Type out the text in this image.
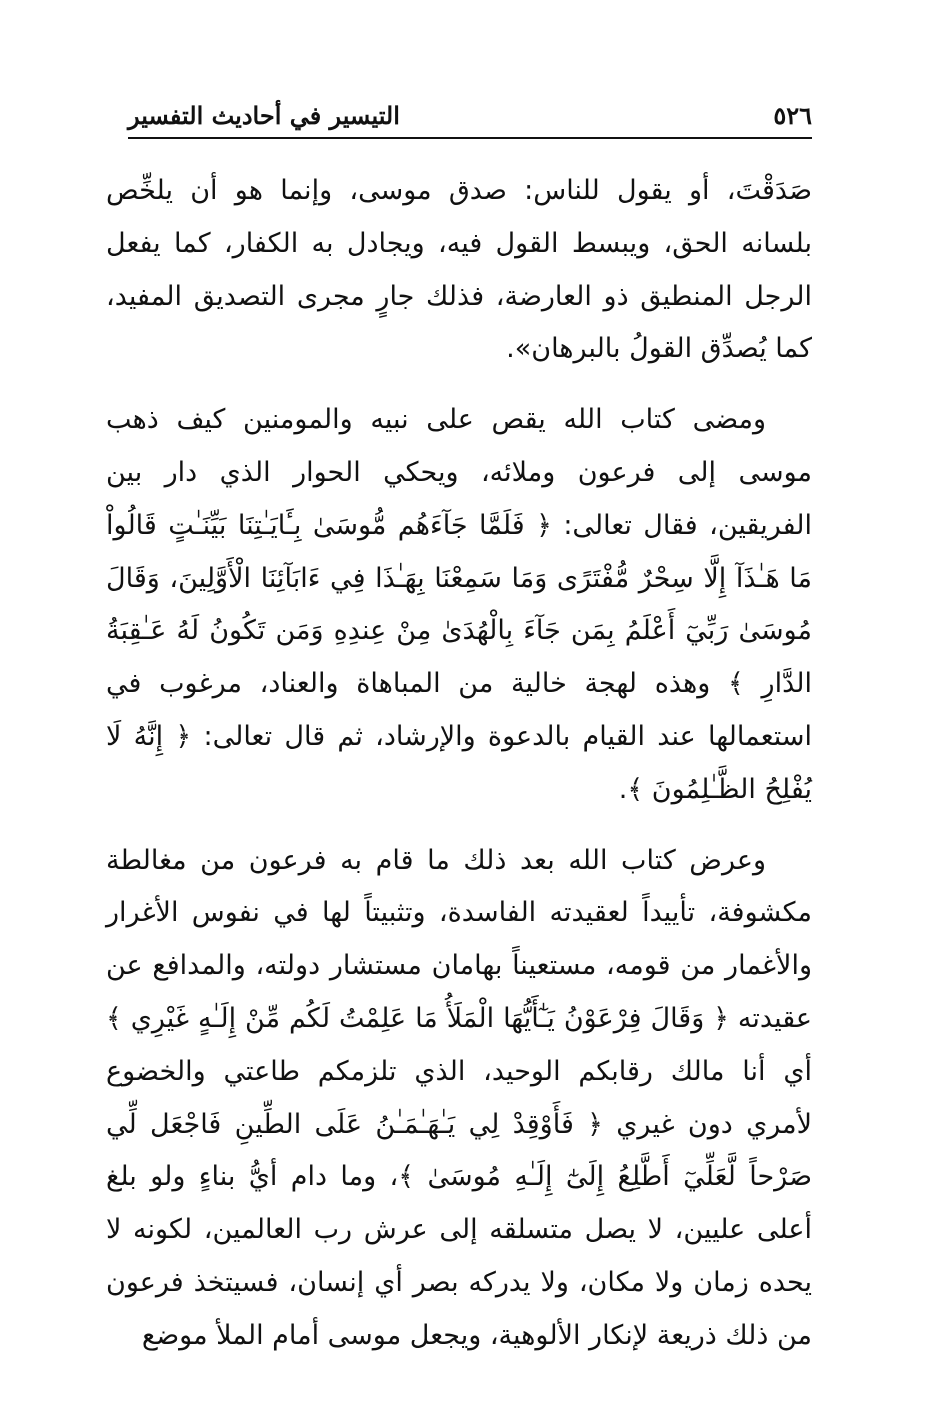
٥٢٦
التيسير في أحاديث التفسير

صَدَقْتَ، أو يقول للناس: صدق موسى، وإنما هو أن يلخِّص بلسانه الحق، ويبسط القول فيه، ويجادل به الكفار، كما يفعل الرجل المنطيق ذو العارضة، فذلك جارٍ مجرى التصديق المفيد، كما يُصدِّق القولُ بالبرهان».

ومضى كتاب الله يقص على نبيه والمومنين كيف ذهب موسى إلى فرعون وملائه، ويحكي الحوار الذي دار بين الفريقين، فقال تعالى: ﴿ فَلَمَّا جَآءَهُم مُّوسَىٰ بِـَٔايَـٰتِنَا بَيِّنَـٰتٍ قَالُواْ مَا هَـٰذَآ إِلَّا سِحْرٌ مُّفْتَرًى وَمَا سَمِعْنَا بِهَـٰذَا فِي ءَابَآئِنَا الْأَوَّلِينَ، وَقَالَ مُوسَىٰ رَبِّيٓ أَعْلَمُ بِمَن جَآءَ بِالْهُدَىٰ مِنْ عِندِهِ وَمَن تَكُونُ لَهُ عَـٰقِبَةُ الدَّارِ ﴾ وهذه لهجة خالية من المباهاة والعناد، مرغوب في استعمالها عند القيام بالدعوة والإرشاد، ثم قال تعالى: ﴿ إِنَّهُ لَا يُفْلِحُ الظَّـٰلِمُونَ ﴾.

وعرض كتاب الله بعد ذلك ما قام به فرعون من مغالطة مكشوفة، تأييداً لعقيدته الفاسدة، وتثبيتاً لها في نفوس الأغرار والأغمار من قومه، مستعيناً بهامان مستشار دولته، والمدافع عن عقيدته ﴿ وَقَالَ فِرْعَوْنُ يَـٰٓأَيُّهَا الْمَلَأُ مَا عَلِمْتُ لَكُم مِّنْ إِلَـٰهٍ غَيْرِي ﴾ أي أنا مالك رقابكم الوحيد، الذي تلزمكم طاعتي والخضوع لأمري دون غيري ﴿ فَأَوْقِدْ لِي يَـٰهَـٰمَـٰنُ عَلَى الطِّينِ فَاجْعَل لِّي صَرْحاً لَّعَلِّيٓ أَطَّلِعُ إِلَىٰٓ إِلَـٰهِ مُوسَىٰ ﴾، وما دام أيُّ بناءٍ ولو بلغ أعلى عليين، لا يصل متسلقه إلى عرش رب العالمين، لكونه لا يحده زمان ولا مكان، ولا يدركه بصر أي إنسان، فسيتخذ فرعون من ذلك ذريعة لإنكار الألوهية، ويجعل موسى أمام الملأ موضع
